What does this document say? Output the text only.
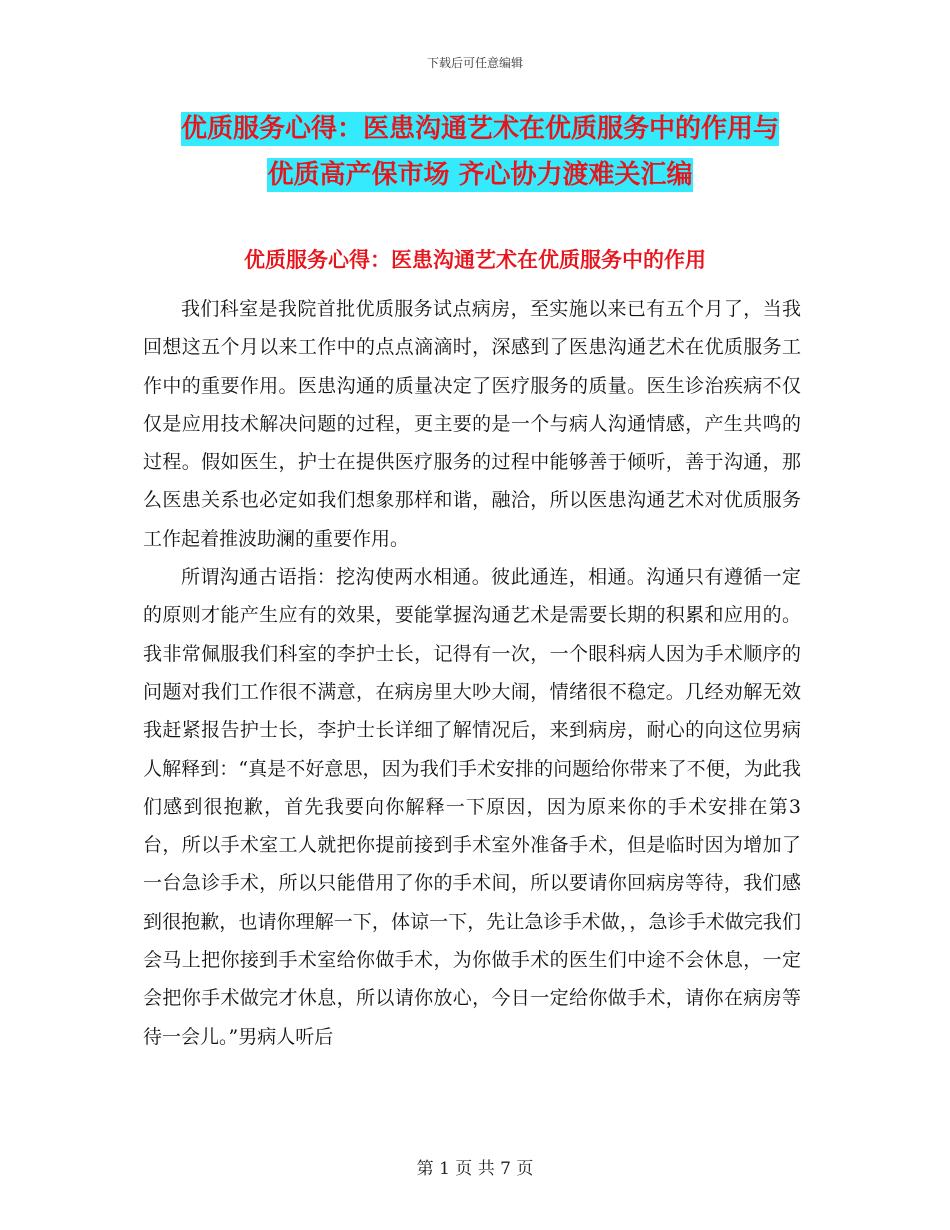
下载后可任意编辑
优质服务心得：医患沟通艺术在优质服务中的作用与
优质高产保市场 齐心协力渡难关汇编
优质服务心得：医患沟通艺术在优质服务中的作用

我们科室是我院首批优质服务试点病房，至实施以来已有五个月了，当我回想这五个月以来工作中的点点滴滴时，深感到了医患沟通艺术在优质服务工作中的重要作用。医患沟通的质量决定了医疗服务的质量。医生诊治疾病不仅仅是应用技术解决问题的过程，更主要的是一个与病人沟通情感，产生共鸣的过程。假如医生，护士在提供医疗服务的过程中能够善于倾听，善于沟通，那么医患关系也必定如我们想象那样和谐，融洽，所以医患沟通艺术对优质服务工作起着推波助澜的重要作用。

所谓沟通古语指：挖沟使两水相通。彼此通连，相通。沟通只有遵循一定的原则才能产生应有的效果，要能掌握沟通艺术是需要长期的积累和应用的。我非常佩服我们科室的李护士长，记得有一次，一个眼科病人因为手术顺序的问题对我们工作很不满意，在病房里大吵大闹，情绪很不稳定。几经劝解无效我赶紧报告护士长，李护士长详细了解情况后，来到病房，耐心的向这位男病人解释到：“真是不好意思，因为我们手术安排的问题给你带来了不便，为此我们感到很抱歉，首先我要向你解释一下原因，因为原来你的手术安排在第3台，所以手术室工人就把你提前接到手术室外准备手术，但是临时因为增加了一台急诊手术，所以只能借用了你的手术间，所以要请你回病房等待，我们感到很抱歉，也请你理解一下，体谅一下，先让急诊手术做，，急诊手术做完我们会马上把你接到手术室给你做手术，为你做手术的医生们中途不会休息，一定会把你手术做完才休息，所以请你放心，今日一定给你做手术，请你在病房等待一会儿。”男病人听后

第 1 页 共 7 页
